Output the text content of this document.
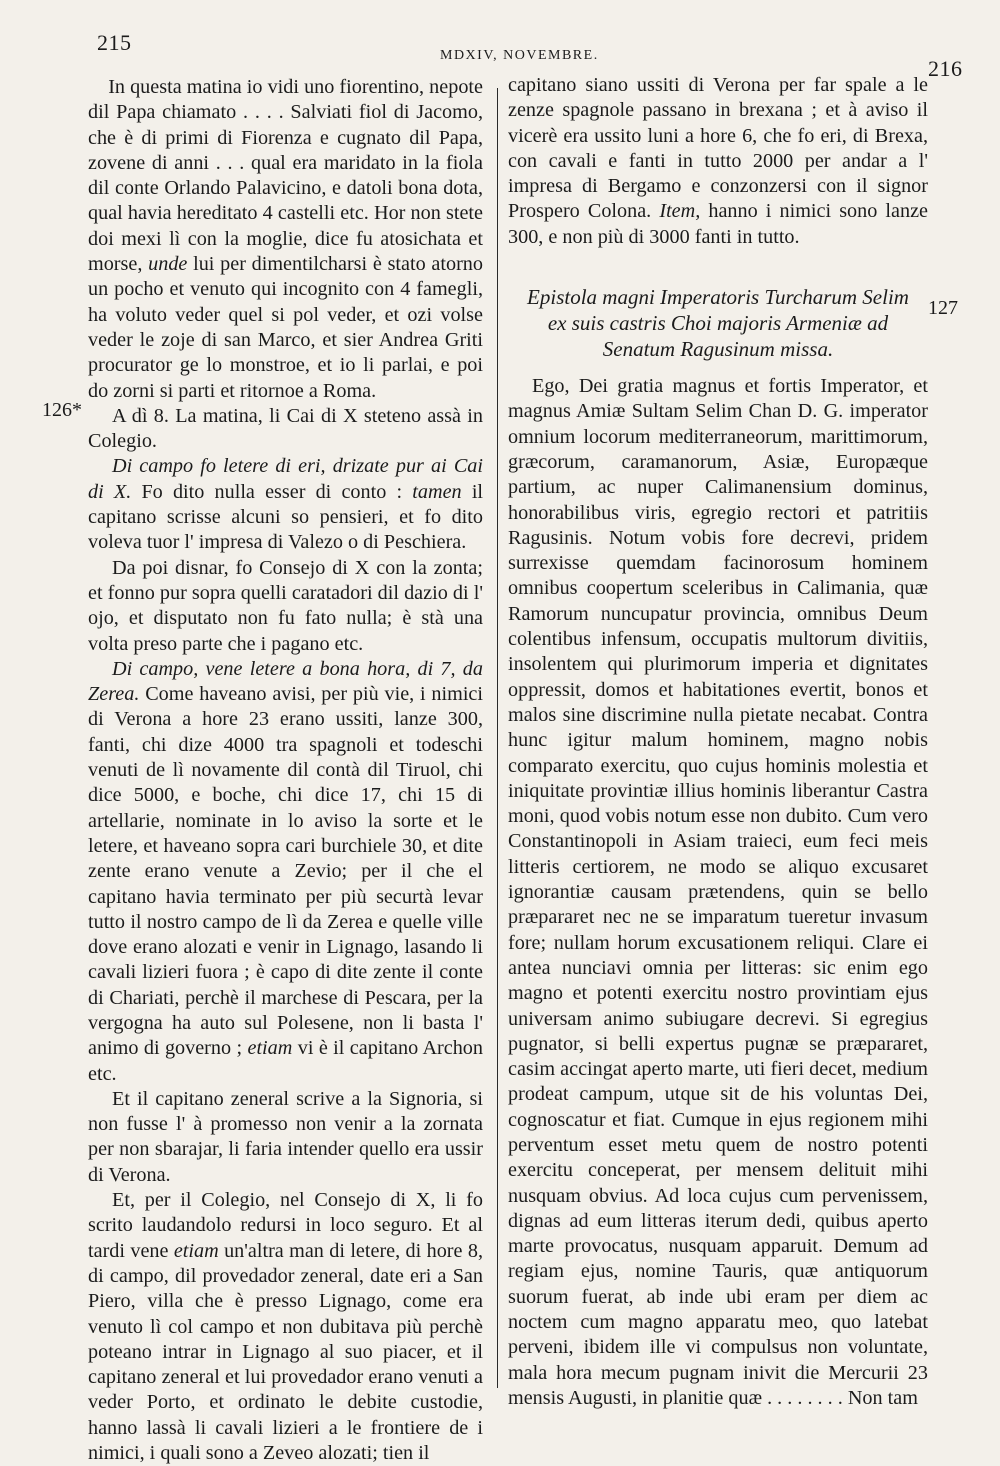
215
MDXIV, NOVEMBRE.
216
126*
127

 In questa matina io vidi uno fiorentino, nepote dil Papa chiamato . . . . Salviati fiol di Jacomo, che è di primi di Fiorenza e cugnato dil Papa, zovene di anni . . . qual era maridato in la fiola dil conte Orlando Palavicino, e datoli bona dota, qual havia hereditato 4 castelli etc. Hor non stete doi mexi lì con la moglie, dice fu atosichata et morse, unde lui per dimentilcharsi è stato atorno un pocho et venuto qui incognito con 4 famegli, ha voluto veder quel si pol veder, et ozi volse veder le zoje di san Marco, et sier Andrea Griti procurator ge lo monstroe, et io li parlai, e poi do zorni si parti et ritornoe a Roma.

A dì 8. La matina, li Cai di X steteno assà in Colegio.

Di campo fo letere di eri, drizate pur ai Cai di X. Fo dito nulla esser di conto : tamen il capitano scrisse alcuni so pensieri, et fo dito voleva tuor l' impresa di Valezo o di Peschiera.

Da poi disnar, fo Consejo di X con la zonta; et fonno pur sopra quelli caratadori dil dazio di l' ojo, et disputato non fu fato nulla; è stà una volta preso parte che i pagano etc.

Di campo, vene letere a bona hora, di 7, da Zerea. Come haveano avisi, per più vie, i nimici di Verona a hore 23 erano ussiti, lanze 300, fanti, chi dize 4000 tra spagnoli et todeschi venuti de lì novamente dil contà dil Tiruol, chi dice 5000, e boche, chi dice 17, chi 15 di artellarie, nominate in lo aviso la sorte et le letere, et haveano sopra cari burchiele 30, et dite zente erano venute a Zevio; per il che el capitano havia terminato per più securtà levar tutto il nostro campo de lì da Zerea e quelle ville dove erano alozati e venir in Lignago, lasando li cavali lizieri fuora ; è capo di dite zente il conte di Chariati, perchè il marchese di Pescara, per la vergogna ha auto sul Polesene, non li basta l' animo di governo ; etiam vi è il capitano Archon etc.

Et il capitano zeneral scrive a la Signoria, si non fusse l' à promesso non venir a la zornata per non sbarajar, li faria intender quello era ussir di Verona.

Et, per il Colegio, nel Consejo di X, li fo scrito laudandolo redursi in loco seguro. Et al tardi vene etiam un'altra man di letere, di hore 8, di campo, dil provedador zeneral, date eri a San Piero, villa che è presso Lignago, come era venuto lì col campo et non dubitava più perchè poteano intrar in Lignago al suo piacer, et il capitano zeneral et lui provedador erano venuti a veder Porto, et ordinato le debite custodie, hanno lassà li cavali lizieri a le frontiere de i nimici, i quali sono a Zeveo alozati; tien il

capitano siano ussiti di Verona per far spale a le zenze spagnole passano in brexana ; et à aviso il vicerè era ussito luni a hore 6, che fo eri, di Brexa, con cavali e fanti in tutto 2000 per andar a l' impresa di Bergamo e conzonzersi con il signor Prospero Colona. Item, hanno i nimici sono lanze 300, e non più di 3000 fanti in tutto.

Epistola magni Imperatoris Turcharum Selim ex suis castris Choi majoris Armeniæ ad Senatum Ragusinum missa.

Ego, Dei gratia magnus et fortis Imperator, et magnus Amiæ Sultam Selim Chan D. G. imperator omnium locorum mediterraneorum, marittimorum, græcorum, caramanorum, Asiæ, Europæque partium, ac nuper Calimanensium dominus, honorabilibus viris, egregio rectori et patritiis Ragusinis. Notum vobis fore decrevi, pridem surrexisse quemdam facinorosum hominem omnibus coopertum sceleribus in Calimania, quæ Ramorum nuncupatur provincia, omnibus Deum colentibus infensum, occupatis multorum divitiis, insolentem qui plurimorum imperia et dignitates oppressit, domos et habitationes evertit, bonos et malos sine discrimine nulla pietate necabat. Contra hunc igitur malum hominem, magno nobis comparato exercitu, quo cujus hominis molestia et iniquitate provintiæ illius hominis liberantur Castra moni, quod vobis notum esse non dubito. Cum vero Constantinopoli in Asiam traieci, eum feci meis litteris certiorem, ne modo se aliquo excusaret ignorantiæ causam prætendens, quin se bello præpararet nec ne se imparatum tueretur invasum fore; nullam horum excusationem reliqui. Clare ei antea nunciavi omnia per litteras: sic enim ego magno et potenti exercitu nostro provintiam ejus universam animo subiugare decrevi. Si egregius pugnator, si belli expertus pugnæ se præpararet, casim accingat aperto marte, uti fieri decet, medium prodeat campum, utque sit de his voluntas Dei, cognoscatur et fiat. Cumque in ejus regionem mihi perventum esset metu quem de nostro potenti exercitu conceperat, per mensem delituit mihi nusquam obvius. Ad loca cujus cum pervenissem, dignas ad eum litteras iterum dedi, quibus aperto marte provocatus, nusquam apparuit. Demum ad regiam ejus, nomine Tauris, quæ antiquorum suorum fuerat, ab inde ubi eram per diem ac noctem cum magno apparatu meo, quo latebat perveni, ibidem ille vi compulsus non voluntate, mala hora mecum pugnam inivit die Mercurii 23 mensis Augusti, in planitie quæ . . . . . . . . Non tam
